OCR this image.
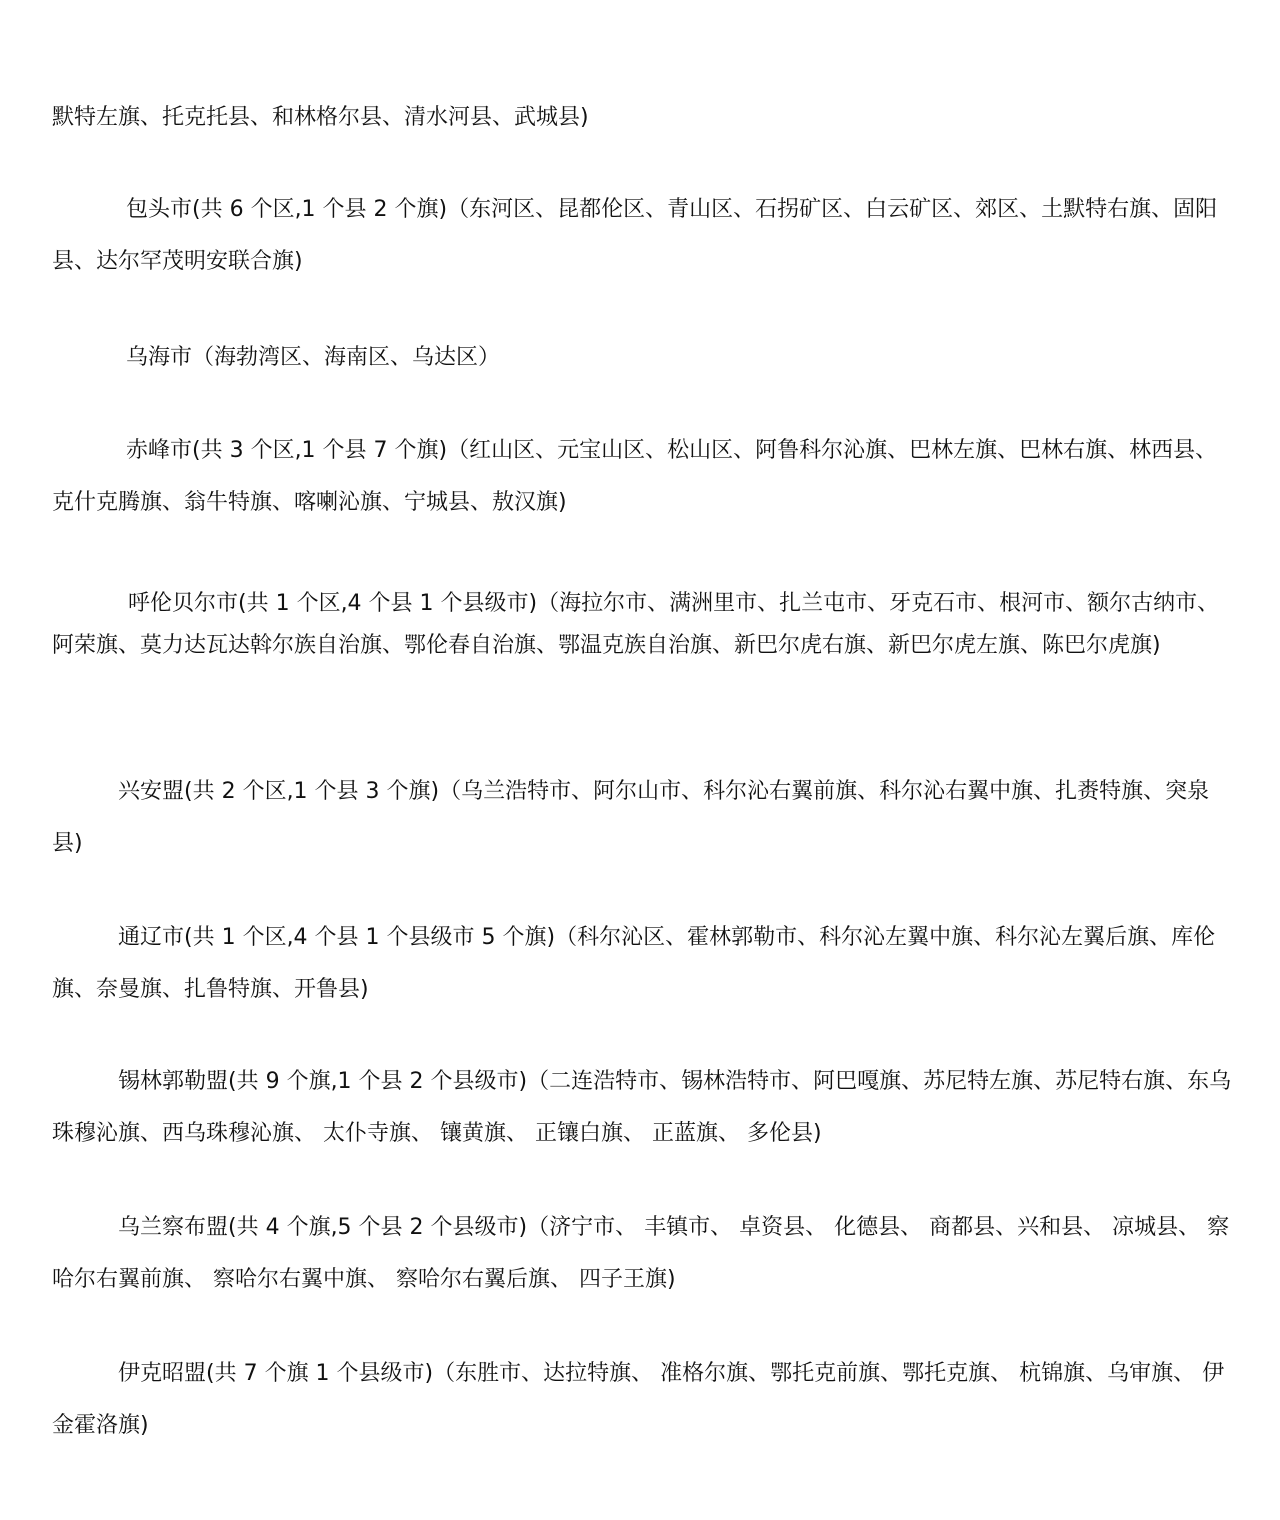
默特左旗、托克托县、和林格尔县、清水河县、武城县)

包头市(共 6 个区,1 个县 2 个旗)（东河区、昆都伦区、青山区、石拐矿区、白云矿区、郊区、土默特右旗、固阳县、达尔罕茂明安联合旗)

乌海市（海勃湾区、海南区、乌达区）

赤峰市(共 3 个区,1 个县 7 个旗)（红山区、元宝山区、松山区、阿鲁科尔沁旗、巴林左旗、巴林右旗、林西县、克什克腾旗、翁牛特旗、喀喇沁旗、宁城县、敖汉旗)

呼伦贝尔市(共 1 个区,4 个县 1 个县级市)（海拉尔市、满洲里市、扎兰屯市、牙克石市、根河市、额尔古纳市、阿荣旗、莫力达瓦达斡尔族自治旗、鄂伦春自治旗、鄂温克族自治旗、新巴尔虎右旗、新巴尔虎左旗、陈巴尔虎旗)

兴安盟(共 2 个区,1 个县 3 个旗)（乌兰浩特市、阿尔山市、科尔沁右翼前旗、科尔沁右翼中旗、扎赉特旗、突泉县)

通辽市(共 1 个区,4 个县 1 个县级市 5 个旗)（科尔沁区、霍林郭勒市、科尔沁左翼中旗、科尔沁左翼后旗、库伦旗、奈曼旗、扎鲁特旗、开鲁县)

锡林郭勒盟(共 9 个旗,1 个县 2 个县级市)（二连浩特市、锡林浩特市、阿巴嘎旗、苏尼特左旗、苏尼特右旗、东乌珠穆沁旗、西乌珠穆沁旗、 太仆寺旗、 镶黄旗、 正镶白旗、 正蓝旗、 多伦县)

乌兰察布盟(共 4 个旗,5 个县 2 个县级市)（济宁市、 丰镇市、 卓资县、 化德县、 商都县、兴和县、 凉城县、 察哈尔右翼前旗、 察哈尔右翼中旗、 察哈尔右翼后旗、 四子王旗)

伊克昭盟(共 7 个旗 1 个县级市)（东胜市、达拉特旗、 准格尔旗、鄂托克前旗、鄂托克旗、 杭锦旗、乌审旗、 伊金霍洛旗)
